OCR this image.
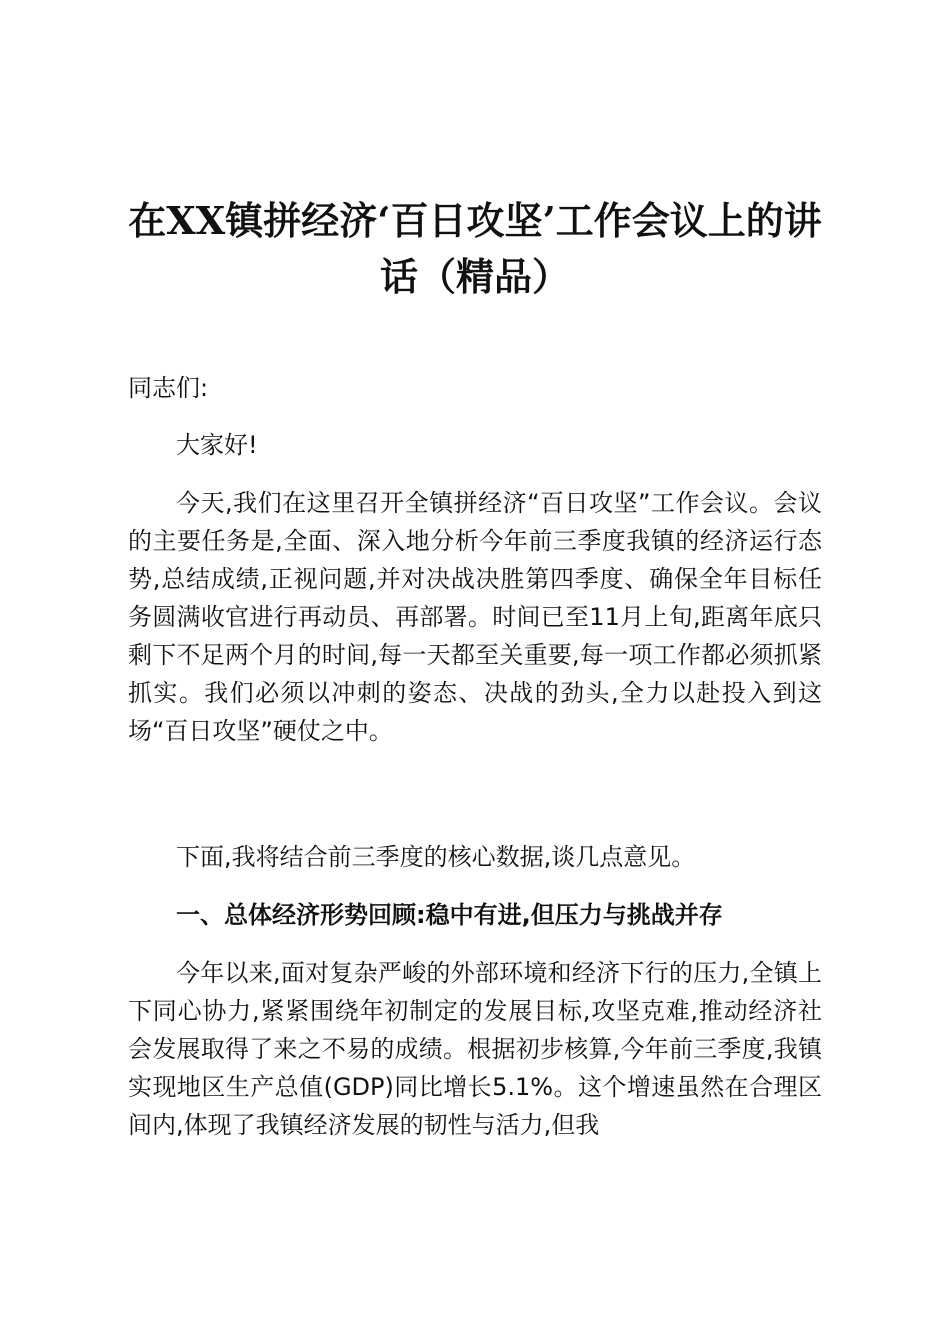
在XX镇拼经济‘百日攻坚’工作会议上的讲话（精品）

同志们:

大家好!

今天,我们在这里召开全镇拼经济“百日攻坚”工作会议。会议的主要任务是,全面、深入地分析今年前三季度我镇的经济运行态势,总结成绩,正视问题,并对决战决胜第四季度、确保全年目标任务圆满收官进行再动员、再部署。时间已至11月上旬,距离年底只剩下不足两个月的时间,每一天都至关重要,每一项工作都必须抓紧抓实。我们必须以冲刺的姿态、决战的劲头,全力以赴投入到这场“百日攻坚”硬仗之中。

下面,我将结合前三季度的核心数据,谈几点意见。

一、总体经济形势回顾:稳中有进,但压力与挑战并存

今年以来,面对复杂严峻的外部环境和经济下行的压力,全镇上下同心协力,紧紧围绕年初制定的发展目标,攻坚克难,推动经济社会发展取得了来之不易的成绩。根据初步核算,今年前三季度,我镇实现地区生产总值(GDP)同比增长5.1%。这个增速虽然在合理区间内,体现了我镇经济发展的韧性与活力,但我
